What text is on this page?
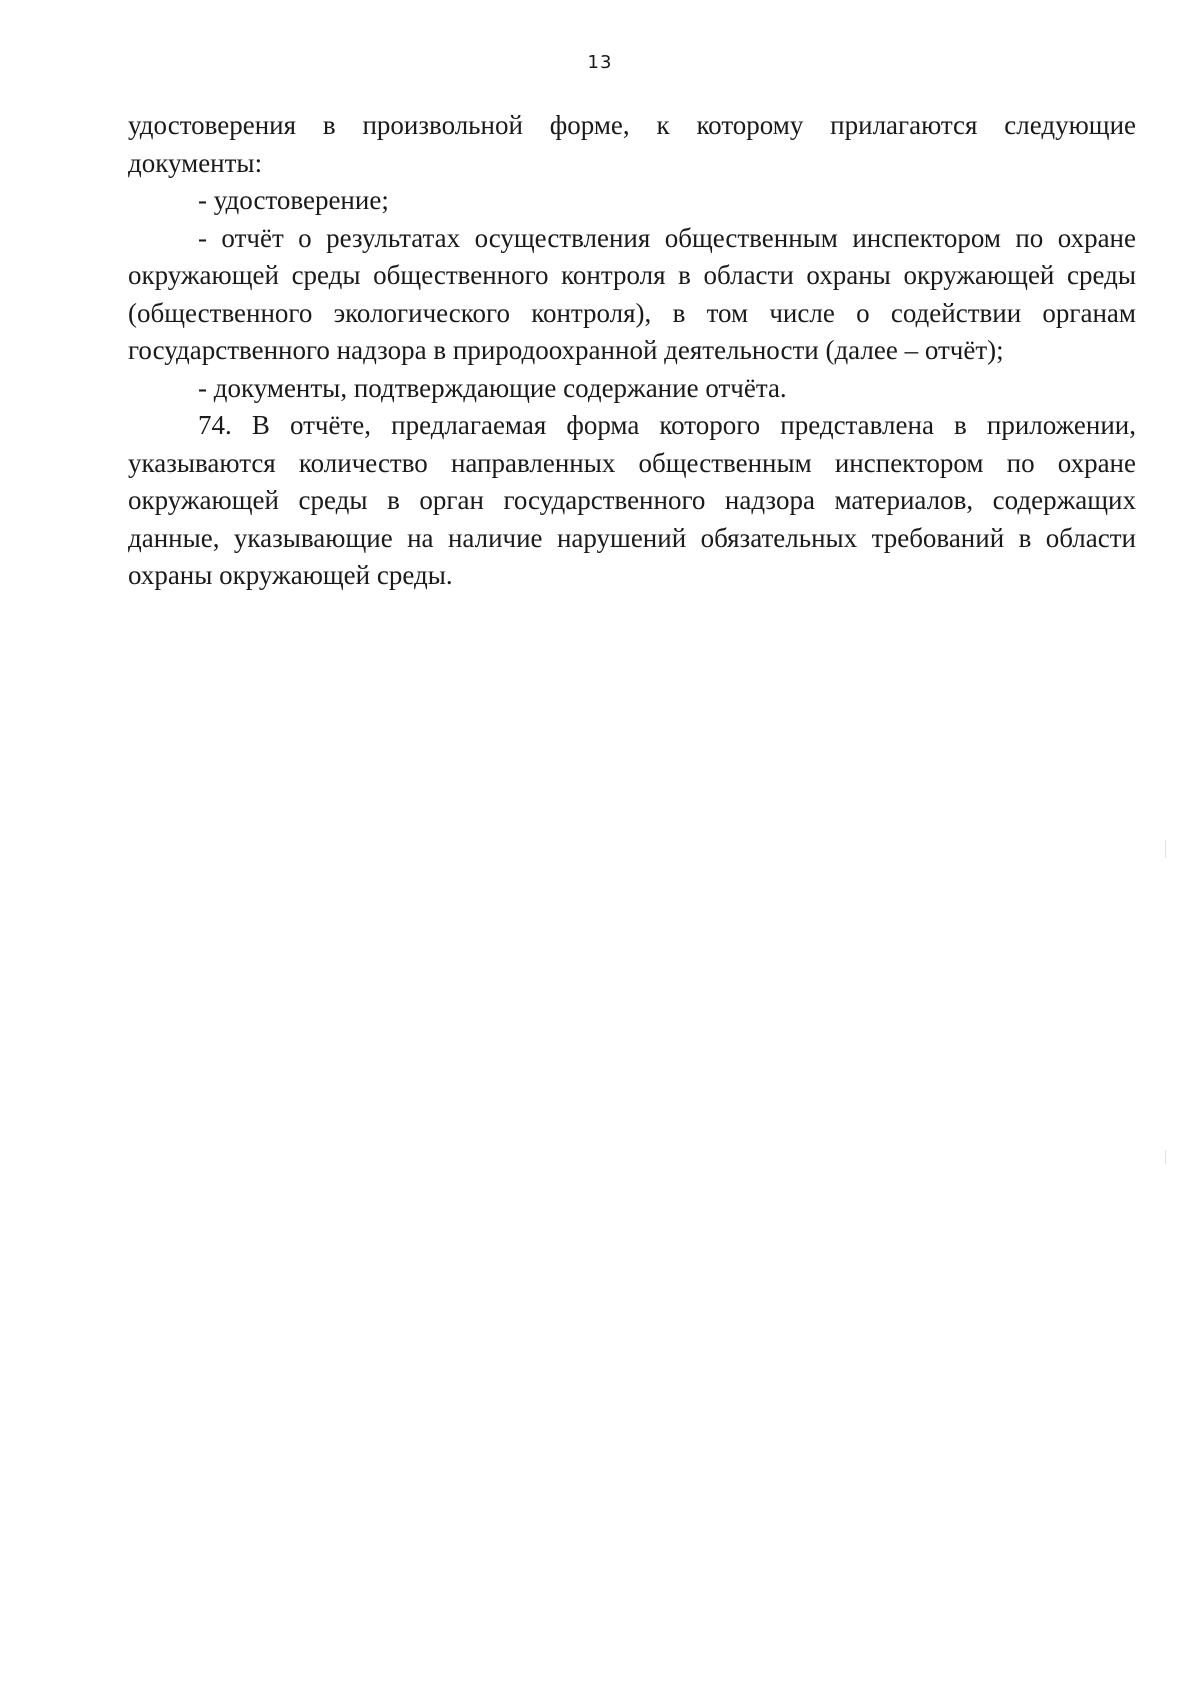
13

удостоверения в произвольной форме, к которому прилагаются следующие документы:

- удостоверение;

- отчёт о результатах осуществления общественным инспектором по охране окружающей среды общественного контроля в области охраны окружающей среды (общественного экологического контроля), в том числе о содействии органам государственного надзора в природоохранной деятельности (далее – отчёт);

- документы, подтверждающие содержание отчёта.

74. В отчёте, предлагаемая форма которого представлена в приложении, указываются количество направленных общественным инспектором по охране окружающей среды в орган государственного надзора материалов, содержащих данные, указывающие на наличие нарушений обязательных требований в области охраны окружающей среды.
